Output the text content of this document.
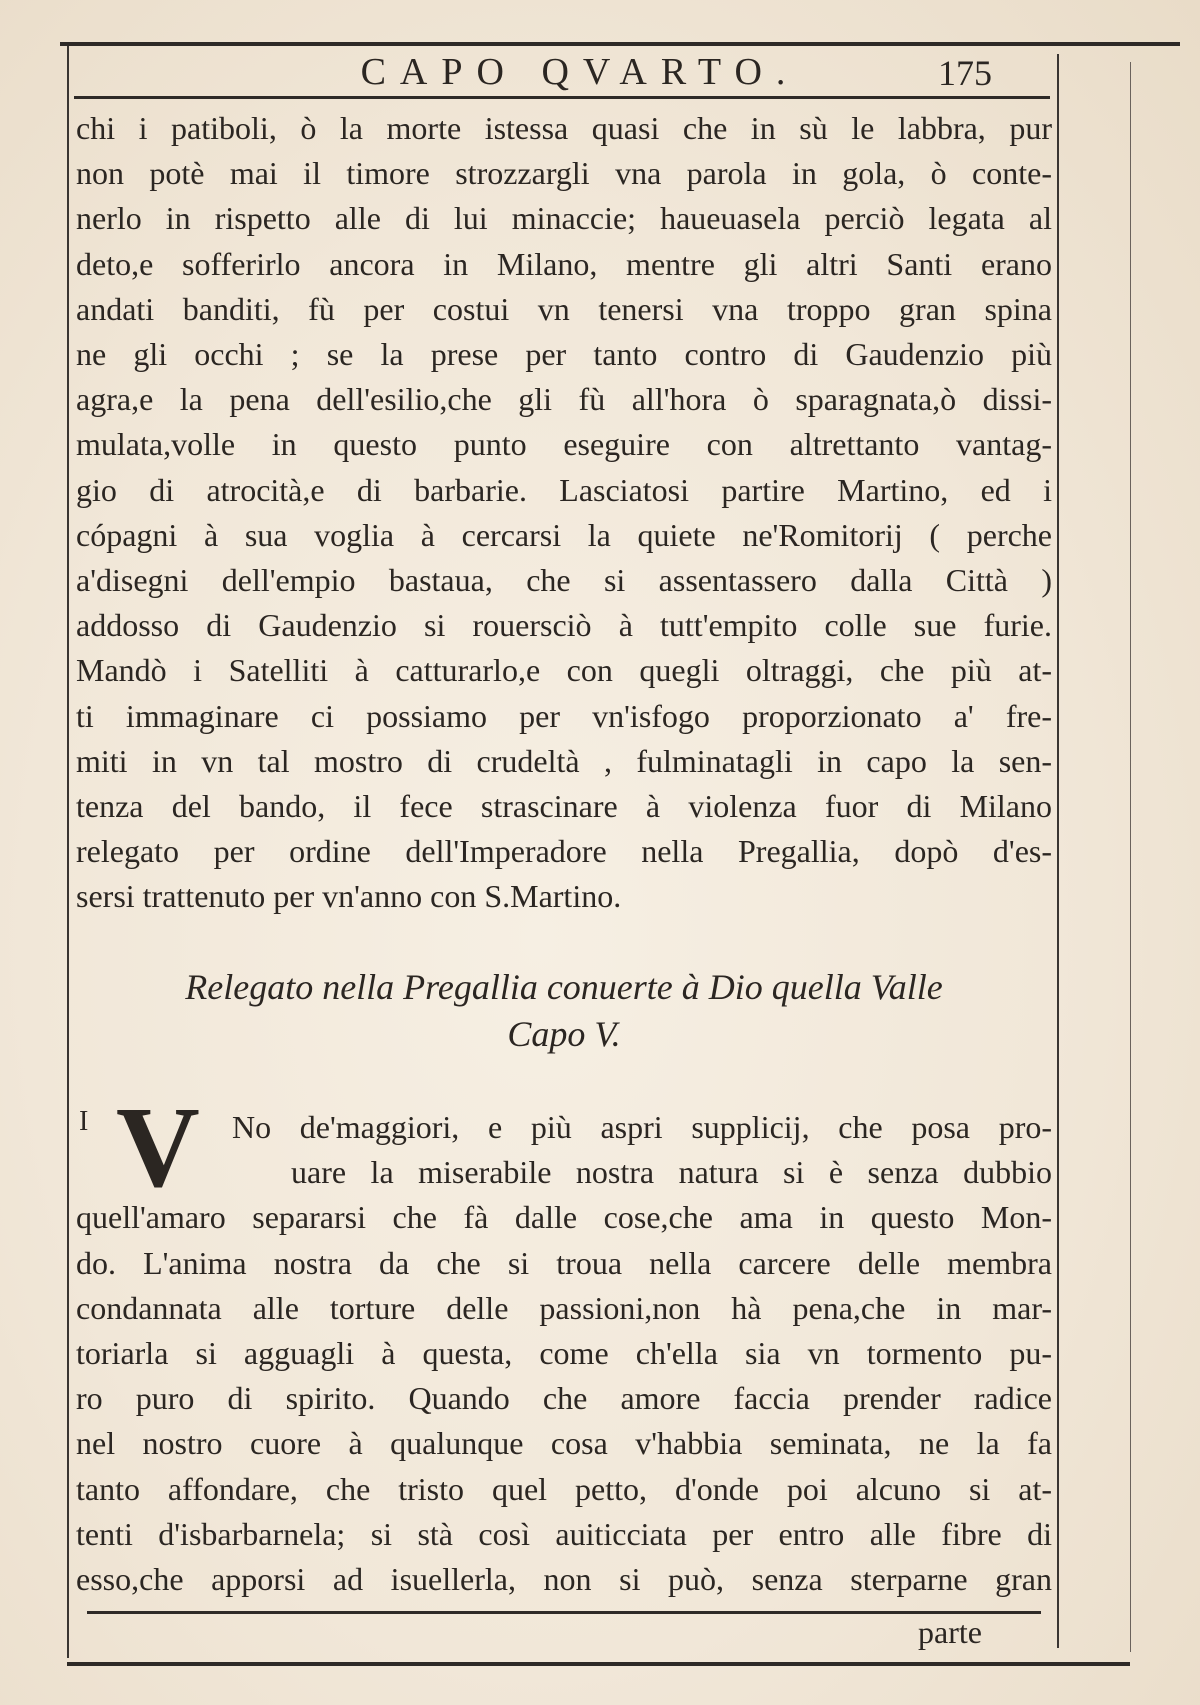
CAPO QVARTO.	175
chi i patiboli, ò la morte istessa quasi che in sù le labbra, pur
non potè mai il timore strozzargli vna parola in gola, ò conte-
nerlo in rispetto alle di lui minaccie; haueuasela perciò legata al
deto,e sofferirlo ancora in Milano, mentre gli altri Santi erano
andati banditi, fù per costui vn tenersi vna troppo gran spina
ne gli occhi ; se la prese per tanto contro di Gaudenzio più
agra,e la pena dell'esilio,che gli fù all'hora ò sparagnata,ò dissi-
mulata,volle in questo punto eseguire con altrettanto vantag-
gio di atrocità,e di barbarie. Lasciatosi partire Martino, ed i
cópagni à sua voglia à cercarsi la quiete ne'Romitorij ( perche
a'disegni dell'empio bastaua, che si assentassero dalla Città )
addosso di Gaudenzio si rouersciò à tutt'empito colle sue furie.
Mandò i Satelliti à catturarlo,e con quegli oltraggi, che più at-
ti immaginare ci possiamo per vn'isfogo proporzionato a' fre-
miti in vn tal mostro di crudeltà , fulminatagli in capo la sen-
tenza del bando, il fece strascinare à violenza fuor di Milano
relegato per ordine dell'Imperadore nella Pregallia, dopò d'es-
sersi trattenuto per vn'anno con S.Martino.
Relegato nella Pregallia conuerte à Dio quella Valle
Capo V.
I V No de'maggiori, e più aspri supplicij, che posa pro-
uare la miserabile nostra natura si è senza dubbio
quell'amaro separarsi che fà dalle cose,che ama in questo Mon-
do. L'anima nostra da che si troua nella carcere delle membra
condannata alle torture delle passioni,non hà pena,che in mar-
toriarla si agguagli à questa, come ch'ella sia vn tormento pu-
ro puro di spirito. Quando che amore faccia prender radice
nel nostro cuore à qualunque cosa v'habbia seminata, ne la fa
tanto affondare, che tristo quel petto, d'onde poi alcuno si at-
tenti d'isbarbarnela; si stà così auiticciata per entro alle fibre di
esso,che apporsi ad isuellerla, non si può, senza sterparne gran
parte
